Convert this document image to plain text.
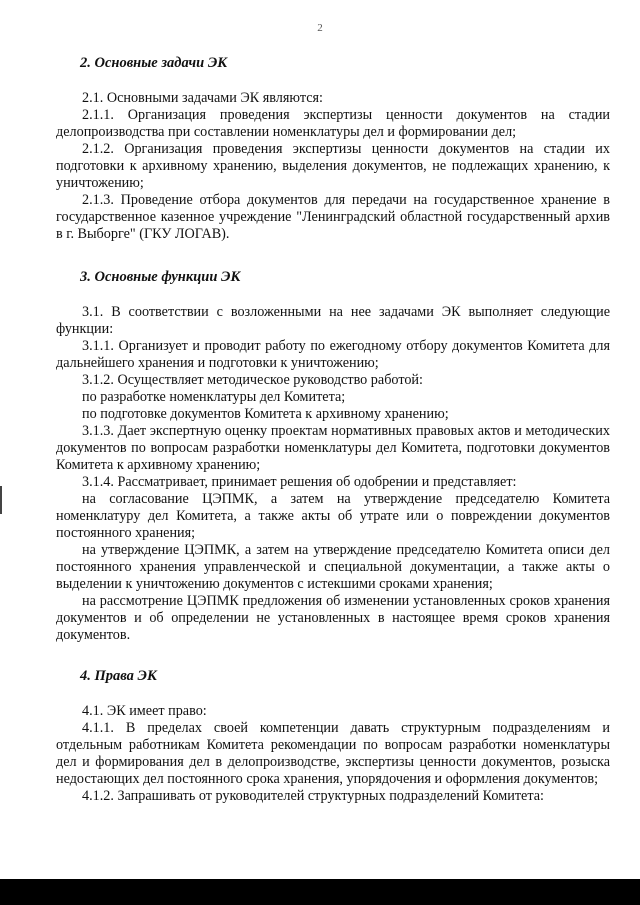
2
2. Основные задачи ЭК

2.1. Основными задачами ЭК являются:

2.1.1. Организация проведения экспертизы ценности документов на стадии делопроизводства при составлении номенклатуры дел и формировании дел;

2.1.2. Организация проведения экспертизы ценности документов на стадии их подготовки к архивному хранению, выделения документов, не подлежащих хранению, к уничтожению;

2.1.3. Проведение отбора документов для передачи на государственное хранение в государственное казенное учреждение "Ленинградский областной государственный архив в г. Выборге" (ГКУ ЛОГАВ).

3. Основные функции ЭК

3.1. В соответствии с возложенными на нее задачами ЭК выполняет следующие функции:

3.1.1. Организует и проводит работу по ежегодному отбору документов Комитета для дальнейшего хранения и подготовки к уничтожению;

3.1.2. Осуществляет методическое руководство работой:

по разработке номенклатуры дел Комитета;

по подготовке документов Комитета к архивному хранению;

3.1.3. Дает экспертную оценку проектам нормативных правовых актов и методических документов по вопросам разработки номенклатуры дел Комитета, подготовки документов Комитета к архивному хранению;

3.1.4. Рассматривает, принимает решения об одобрении и представляет:

на согласование ЦЭПМК, а затем на утверждение председателю Комитета номенклатуру дел Комитета, а также акты об утрате или о повреждении документов постоянного хранения;

на утверждение ЦЭПМК, а затем на утверждение председателю Комитета описи дел постоянного хранения управленческой и специальной документации, а также акты о выделении к уничтожению документов с истекшими сроками хранения;

на рассмотрение ЦЭПМК предложения об изменении установленных сроков хранения документов и об определении не установленных в настоящее время сроков хранения документов.

4. Права ЭК

4.1. ЭК имеет право:

4.1.1. В пределах своей компетенции давать структурным подразделениям и отдельным работникам Комитета рекомендации по вопросам разработки номенклатуры дел и формирования дел в делопроизводстве, экспертизы ценности документов, розыска недостающих дел постоянного срока хранения, упорядочения и оформления документов;

4.1.2. Запрашивать от руководителей структурных подразделений Комитета:
